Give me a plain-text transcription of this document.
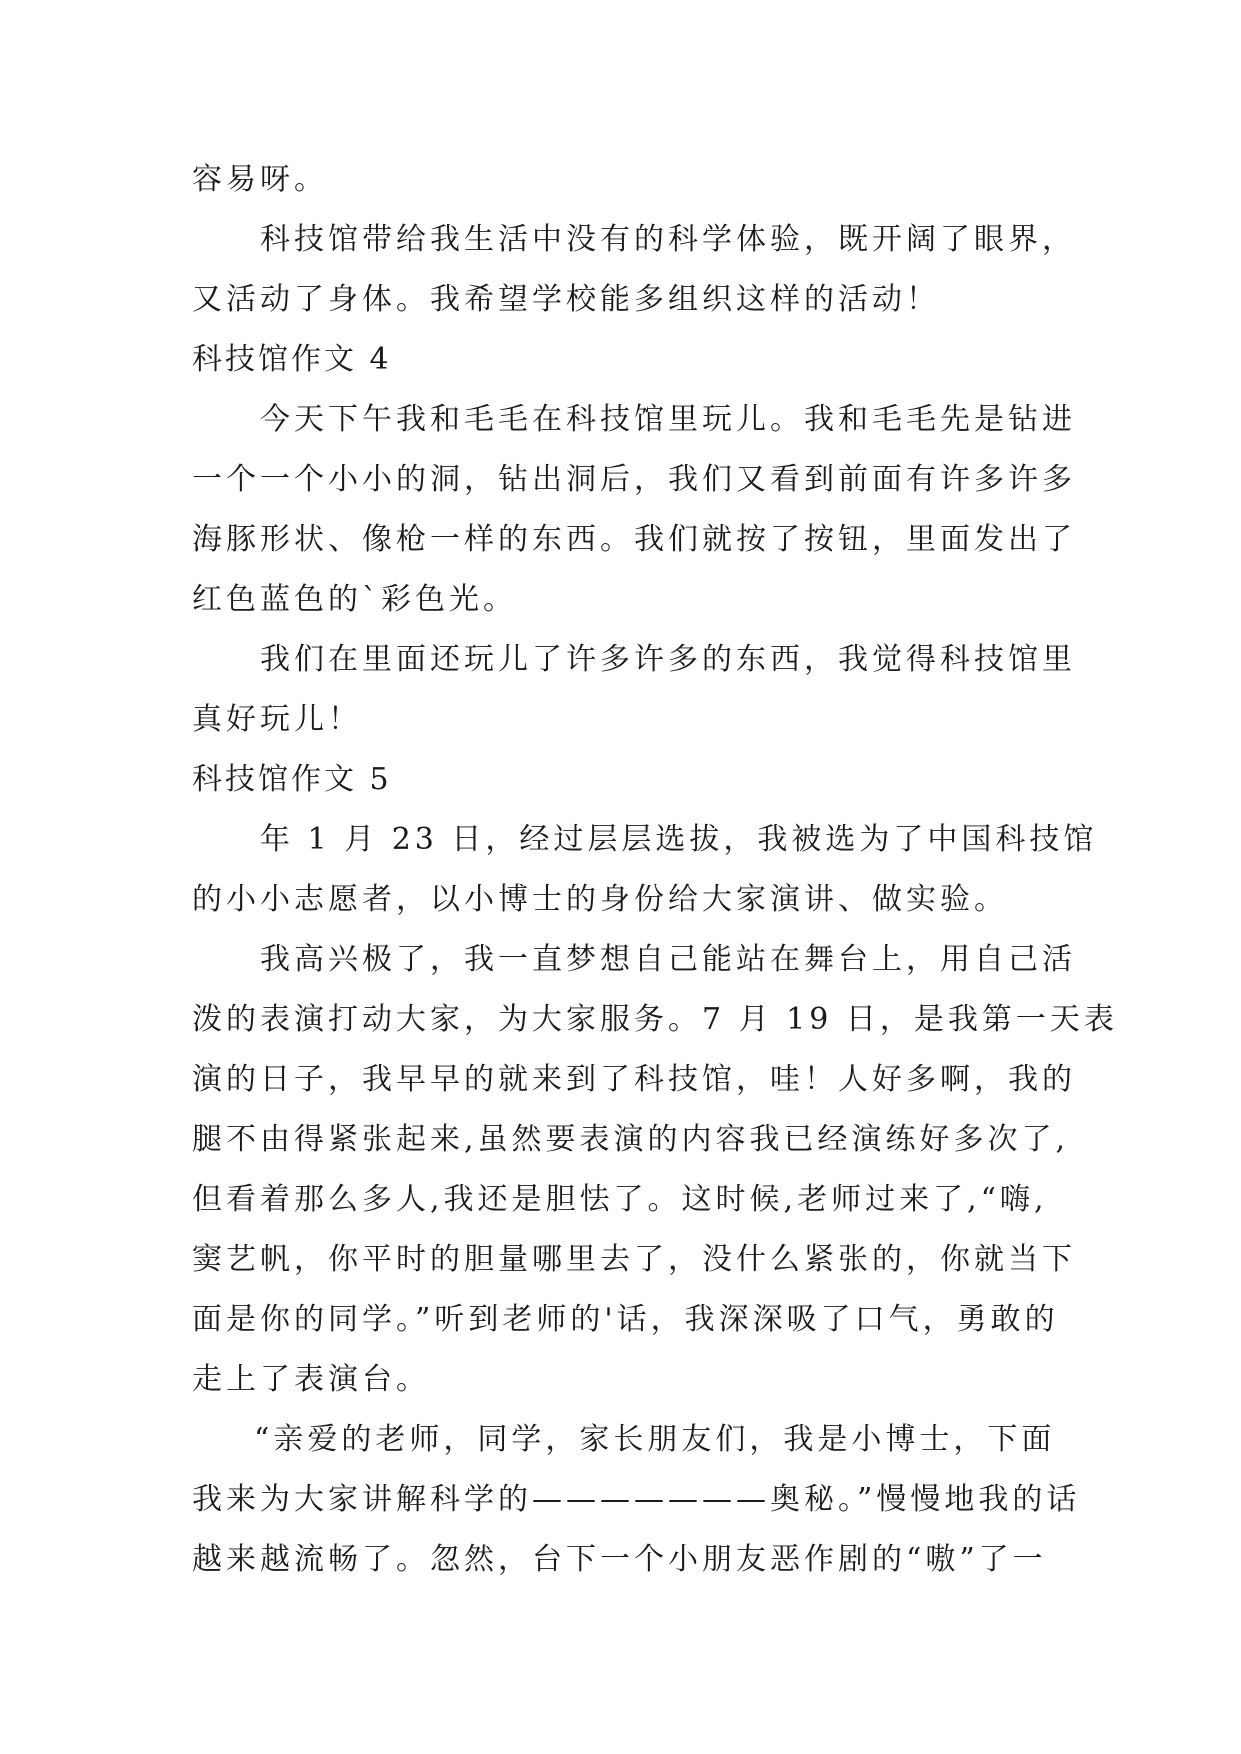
容易呀。
科技馆带给我生活中没有的科学体验，既开阔了眼界，
又活动了身体。我希望学校能多组织这样的活动！
科技馆作文 4
今天下午我和毛毛在科技馆里玩儿。我和毛毛先是钻进
一个一个小小的洞，钻出洞后，我们又看到前面有许多许多
海豚形状、像枪一样的东西。我们就按了按钮，里面发出了
红色蓝色的`彩色光。
我们在里面还玩儿了许多许多的东西，我觉得科技馆里
真好玩儿！
科技馆作文 5
年 1 月 23 日，经过层层选拔，我被选为了中国科技馆
的小小志愿者，以小博士的身份给大家演讲、做实验。
我高兴极了，我一直梦想自己能站在舞台上，用自己活
泼的表演打动大家，为大家服务。7 月 19 日，是我第一天表
演的日子，我早早的就来到了科技馆，哇！人好多啊，我的
腿不由得紧张起来,虽然要表演的内容我已经演练好多次了,
但看着那么多人,我还是胆怯了。这时候,老师过来了,“嗨,
窦艺帆，你平时的胆量哪里去了，没什么紧张的，你就当下
面是你的同学。”听到老师的'话，我深深吸了口气，勇敢的
走上了表演台。
“亲爱的老师，同学，家长朋友们，我是小博士，下面
我来为大家讲解科学的———————奥秘。”慢慢地我的话
越来越流畅了。忽然，台下一个小朋友恶作剧的“嗷”了一
